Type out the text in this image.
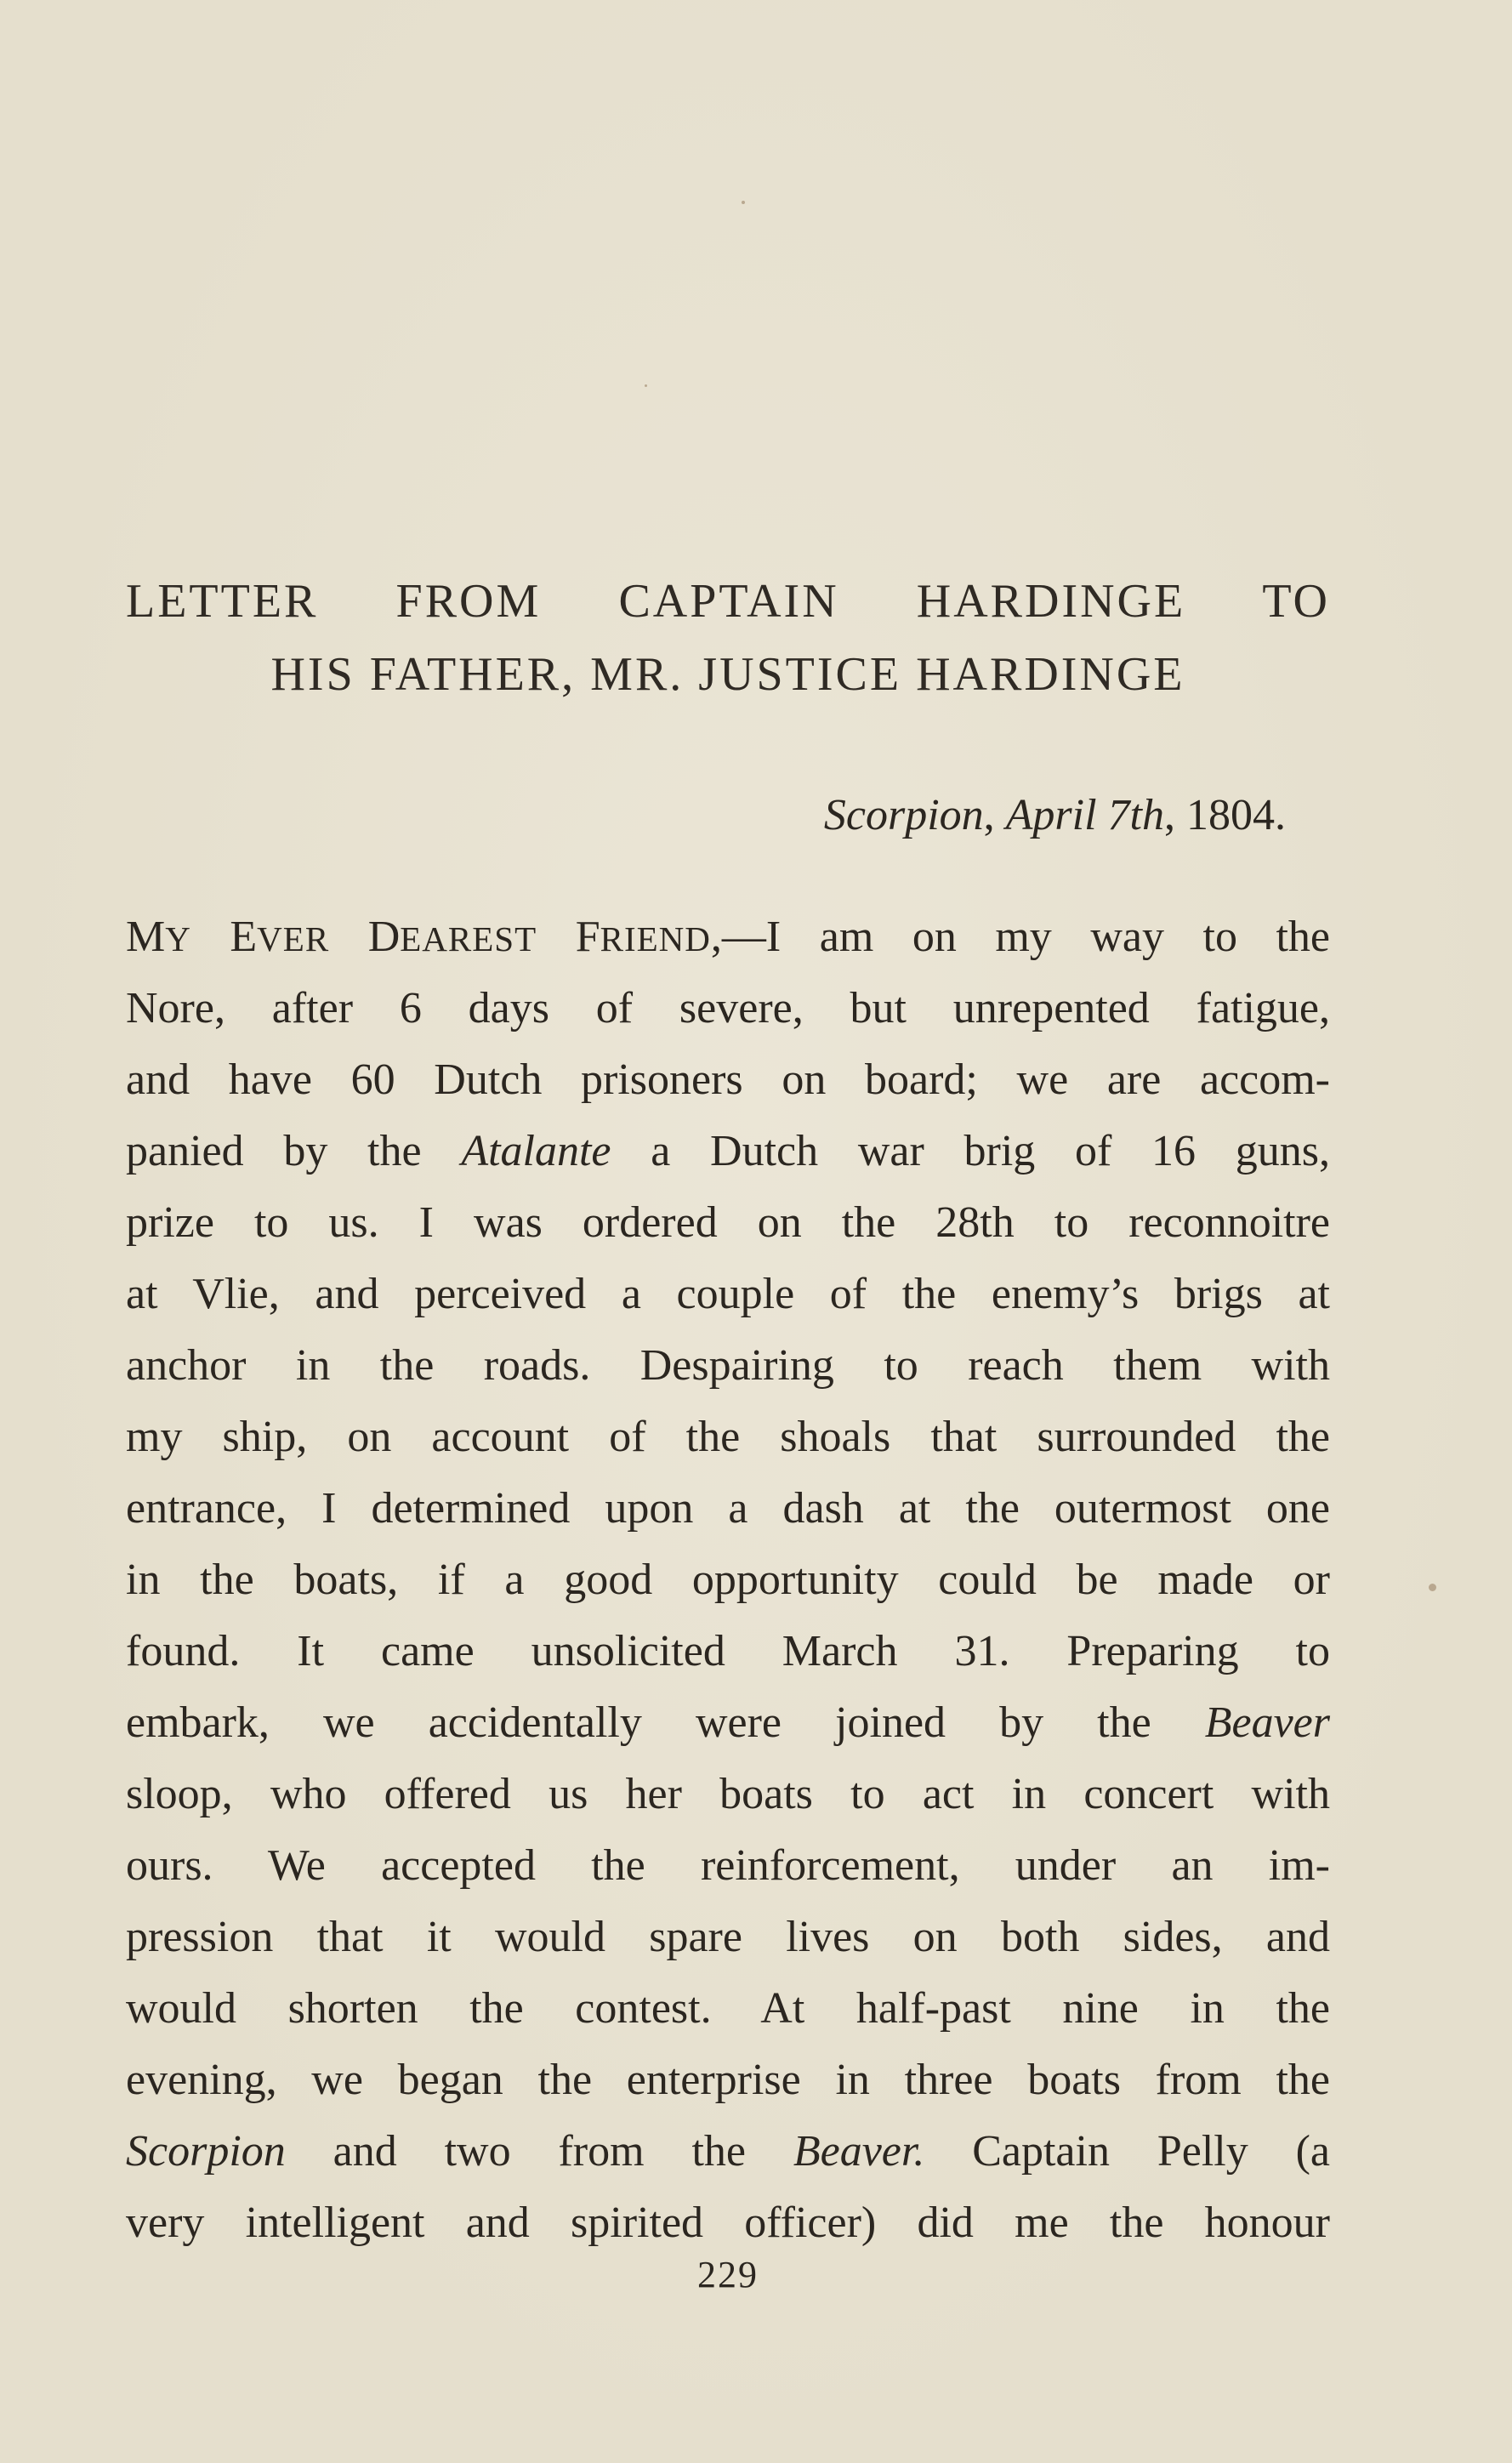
LETTER FROM CAPTAIN HARDINGE TO
HIS FATHER, MR. JUSTICE HARDINGE
Scorpion, April 7th, 1804.
MY EVER DEAREST FRIEND,—I am on my way to the
Nore, after 6 days of severe, but unrepented fatigue,
and have 60 Dutch prisoners on board; we are accom-
panied by the Atalante a Dutch war brig of 16 guns,
prize to us. I was ordered on the 28th to reconnoitre
at Vlie, and perceived a couple of the enemy’s brigs at
anchor in the roads. Despairing to reach them with
my ship, on account of the shoals that surrounded the
entrance, I determined upon a dash at the outermost one
in the boats, if a good opportunity could be made or
found. It came unsolicited March 31. Preparing to
embark, we accidentally were joined by the Beaver
sloop, who offered us her boats to act in concert with
ours. We accepted the reinforcement, under an im-
pression that it would spare lives on both sides, and
would shorten the contest. At half-past nine in the
evening, we began the enterprise in three boats from the
Scorpion and two from the Beaver. Captain Pelly (a
very intelligent and spirited officer) did me the honour
229
